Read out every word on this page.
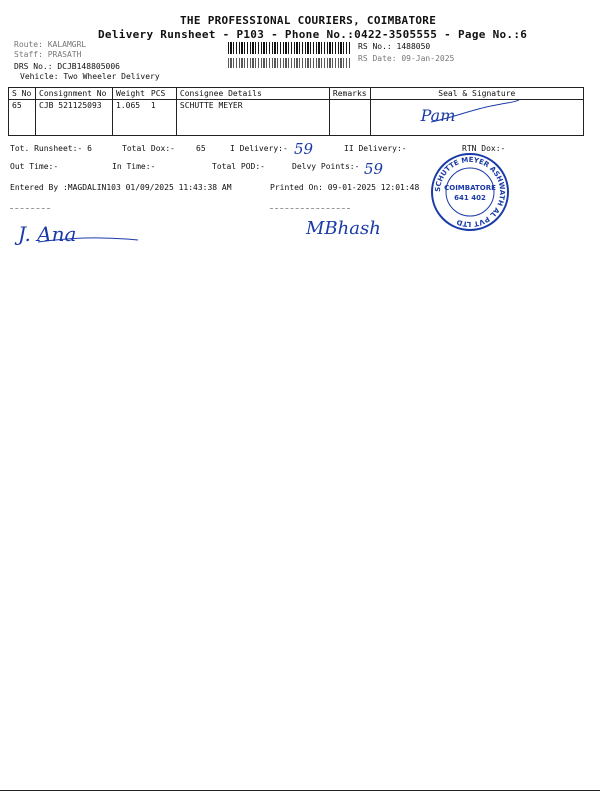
THE PROFESSIONAL COURIERS, COIMBATORE
Delivery Runsheet - P103 - Phone No.:0422-3505555 - Page No.:6
Route: KALAMGRL
Staff: PRASATH
DRS No.: DCJB148805006
Vehicle: Two Wheeler Delivery
RS No.: 1488050
RS Date: 09-Jan-2025
S No	Consignment No	Weight	PCS	Consignee Details	Remarks	Seal & Signature
65	CJB 521125093	1.065	1	SCHUTTE MEYER		Pam
Tot. Runsheet:- 6	Total Dox:-	65	I Delivery:- 59	II Delivery:-	RTN Dox:-
Out Time:-	In Time:-	Total POD:-	Delvy Points:- 59
Entered By :MAGDALIN103 01/09/2025 11:43:38 AM	Printed On: 09-01-2025 12:01:48 SCHUTTE MEYER ASHWATH AL PVT LTD
COIMBATORE
641 402
J. Ana	MBhash
